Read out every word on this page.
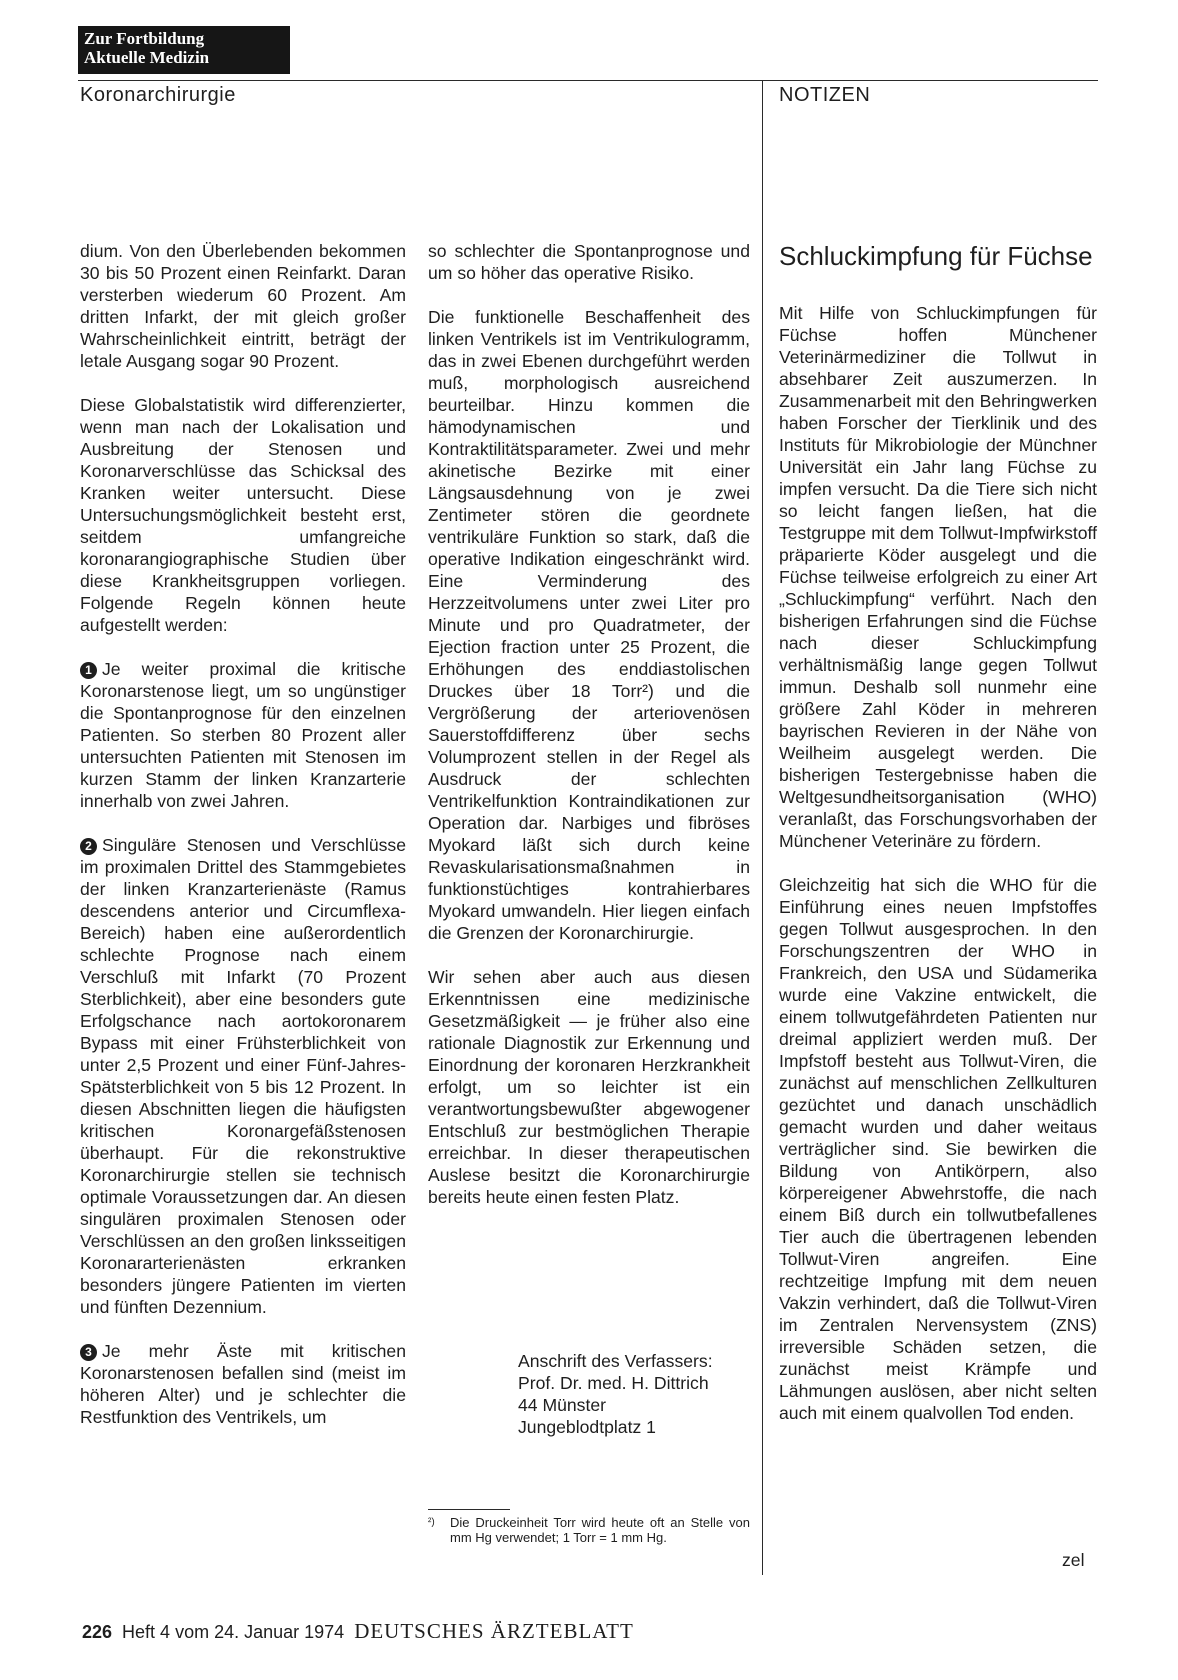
Zur Fortbildung
Aktuelle Medizin
Koronarchirurgie	NOTIZEN

dium. Von den Überlebenden bekommen 30 bis 50 Prozent einen Reinfarkt. Daran versterben wiederum 60 Prozent. Am dritten Infarkt, der mit gleich großer Wahrscheinlichkeit eintritt, beträgt der letale Ausgang sogar 90 Prozent.

Diese Globalstatistik wird differenzierter, wenn man nach der Lokalisation und Ausbreitung der Stenosen und Koronarverschlüsse das Schicksal des Kranken weiter untersucht. Diese Untersuchungsmöglichkeit besteht erst, seitdem umfangreiche koronarangiographische Studien über diese Krankheitsgruppen vorliegen. Folgende Regeln können heute aufgestellt werden:

1 Je weiter proximal die kritische Koronarstenose liegt, um so ungünstiger die Spontanprognose für den einzelnen Patienten. So sterben 80 Prozent aller untersuchten Patienten mit Stenosen im kurzen Stamm der linken Kranzarterie innerhalb von zwei Jahren.

2 Singuläre Stenosen und Verschlüsse im proximalen Drittel des Stammgebietes der linken Kranzarterienäste (Ramus descendens anterior und Circumflexa-Bereich) haben eine außerordentlich schlechte Prognose nach einem Verschluß mit Infarkt (70 Prozent Sterblichkeit), aber eine besonders gute Erfolgschance nach aortokoronarem Bypass mit einer Frühsterblichkeit von unter 2,5 Prozent und einer Fünf-Jahres-Spätsterblichkeit von 5 bis 12 Prozent. In diesen Abschnitten liegen die häufigsten kritischen Koronargefäßstenosen überhaupt. Für die rekonstruktive Koronarchirurgie stellen sie technisch optimale Voraussetzungen dar. An diesen singulären proximalen Stenosen oder Verschlüssen an den großen linksseitigen Koronararterienästen erkranken besonders jüngere Patienten im vierten und fünften Dezennium.

3 Je mehr Äste mit kritischen Koronarstenosen befallen sind (meist im höheren Alter) und je schlechter die Restfunktion des Ventrikels, um

so schlechter die Spontanprognose und um so höher das operative Risiko.

Die funktionelle Beschaffenheit des linken Ventrikels ist im Ventrikulogramm, das in zwei Ebenen durchgeführt werden muß, morphologisch ausreichend beurteilbar. Hinzu kommen die hämodynamischen und Kontraktilitätsparameter. Zwei und mehr akinetische Bezirke mit einer Längsausdehnung von je zwei Zentimeter stören die geordnete ventrikuläre Funktion so stark, daß die operative Indikation eingeschränkt wird. Eine Verminderung des Herzzeitvolumens unter zwei Liter pro Minute und pro Quadratmeter, der Ejection fraction unter 25 Prozent, die Erhöhungen des enddiastolischen Druckes über 18 Torr²) und die Vergrößerung der arteriovenösen Sauerstoffdifferenz über sechs Volumprozent stellen in der Regel als Ausdruck der schlechten Ventrikelfunktion Kontraindikationen zur Operation dar. Narbiges und fibröses Myokard läßt sich durch keine Revaskularisationsmaßnahmen in funktionstüchtiges kontrahierbares Myokard umwandeln. Hier liegen einfach die Grenzen der Koronarchirurgie.

Wir sehen aber auch aus diesen Erkenntnissen eine medizinische Gesetzmäßigkeit — je früher also eine rationale Diagnostik zur Erkennung und Einordnung der koronaren Herzkrankheit erfolgt, um so leichter ist ein verantwortungsbewußter abgewogener Entschluß zur bestmöglichen Therapie erreichbar. In dieser therapeutischen Auslese besitzt die Koronarchirurgie bereits heute einen festen Platz.

Anschrift des Verfassers:
Prof. Dr. med. H. Dittrich
44 Münster
Jungeblodtplatz 1
²)	Die Druckeinheit Torr wird heute oft an Stelle von mm Hg verwendet; 1 Torr = 1 mm Hg.
Schluckimpfung für Füchse

Mit Hilfe von Schluckimpfungen für Füchse hoffen Münchener Veterinärmediziner die Tollwut in absehbarer Zeit auszumerzen. In Zusammenarbeit mit den Behringwerken haben Forscher der Tierklinik und des Instituts für Mikrobiologie der Münchner Universität ein Jahr lang Füchse zu impfen versucht. Da die Tiere sich nicht so leicht fangen ließen, hat die Testgruppe mit dem Tollwut-Impfwirkstoff präparierte Köder ausgelegt und die Füchse teilweise erfolgreich zu einer Art „Schluckimpfung“ verführt. Nach den bisherigen Erfahrungen sind die Füchse nach dieser Schluckimpfung verhältnismäßig lange gegen Tollwut immun. Deshalb soll nunmehr eine größere Zahl Köder in mehreren bayrischen Revieren in der Nähe von Weilheim ausgelegt werden. Die bisherigen Testergebnisse haben die Weltgesundheitsorganisation (WHO) veranlaßt, das Forschungsvorhaben der Münchener Veterinäre zu fördern.

Gleichzeitig hat sich die WHO für die Einführung eines neuen Impfstoffes gegen Tollwut ausgesprochen. In den Forschungszentren der WHO in Frankreich, den USA und Südamerika wurde eine Vakzine entwickelt, die einem tollwutgefährdeten Patienten nur dreimal appliziert werden muß. Der Impfstoff besteht aus Tollwut-Viren, die zunächst auf menschlichen Zellkulturen gezüchtet und danach unschädlich gemacht wurden und daher weitaus verträglicher sind. Sie bewirken die Bildung von Antikörpern, also körpereigener Abwehrstoffe, die nach einem Biß durch ein tollwutbefallenes Tier auch die übertragenen lebenden Tollwut-Viren angreifen. Eine rechtzeitige Impfung mit dem neuen Vakzin verhindert, daß die Tollwut-Viren im Zentralen Nervensystem (ZNS) irreversible Schäden setzen, die zunächst meist Krämpfe und Lähmungen auslösen, aber nicht selten auch mit einem qualvollen Tod enden.

zel
226 Heft 4 vom 24. Januar 1974 DEUTSCHES ÄRZTEBLATT
